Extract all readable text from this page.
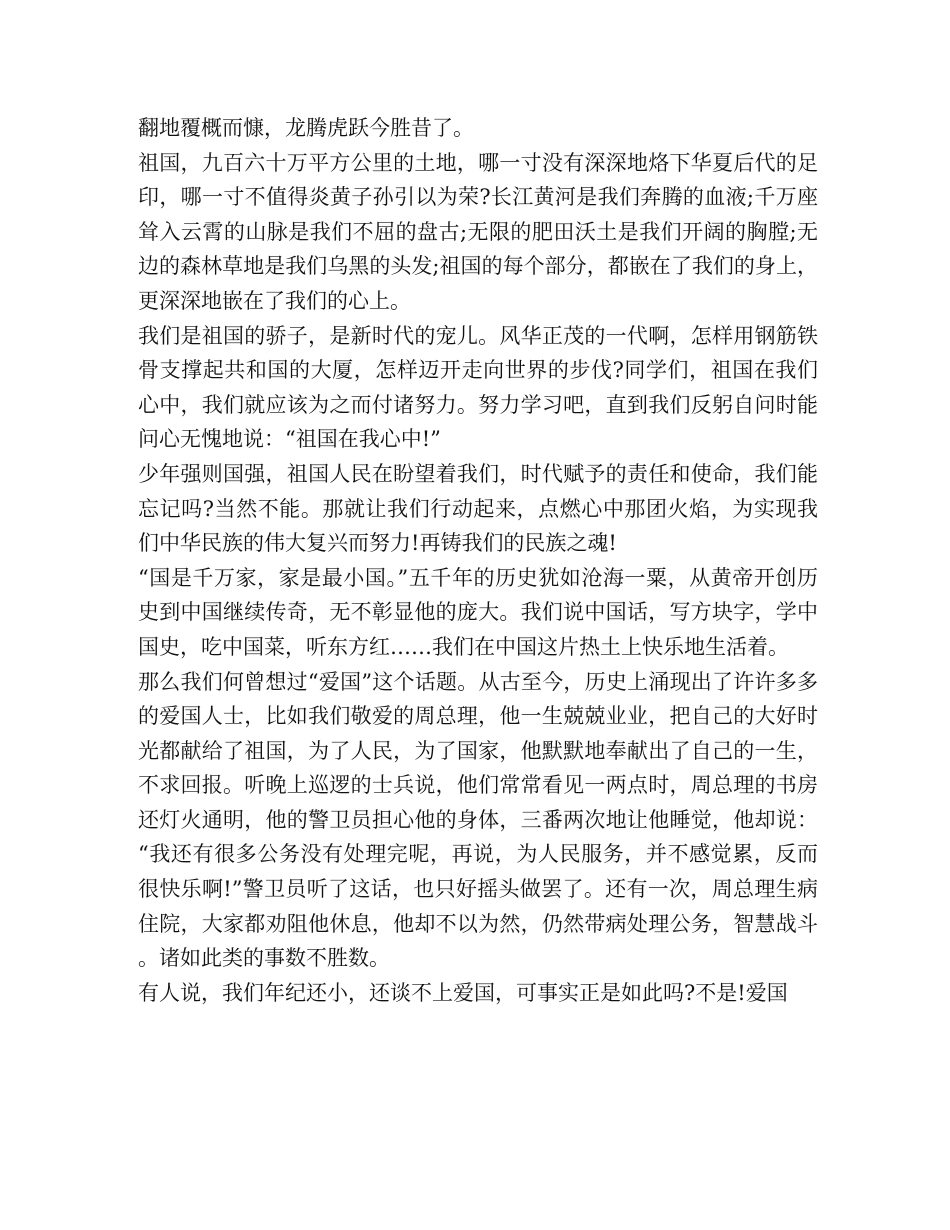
翻地覆概而慷，龙腾虎跃今胜昔了。

祖国，九百六十万平方公里的土地，哪一寸没有深深地烙下华夏后代的足印，哪一寸不值得炎黄子孙引以为荣?长江黄河是我们奔腾的血液;千万座耸入云霄的山脉是我们不屈的盘古;无限的肥田沃土是我们开阔的胸膛;无边的森林草地是我们乌黑的头发;祖国的每个部分，都嵌在了我们的身上，更深深地嵌在了我们的心上。

我们是祖国的骄子，是新时代的宠儿。风华正茂的一代啊，怎样用钢筋铁骨支撑起共和国的大厦，怎样迈开走向世界的步伐?同学们，祖国在我们心中，我们就应该为之而付诸努力。努力学习吧，直到我们反躬自问时能问心无愧地说：“祖国在我心中!”

少年强则国强，祖国人民在盼望着我们，时代赋予的责任和使命，我们能忘记吗?当然不能。那就让我们行动起来，点燃心中那团火焰，为实现我们中华民族的伟大复兴而努力!再铸我们的民族之魂!

“国是千万家，家是最小国。”五千年的历史犹如沧海一粟，从黄帝开创历史到中国继续传奇，无不彰显他的庞大。我们说中国话，写方块字，学中国史，吃中国菜，听东方红……我们在中国这片热土上快乐地生活着。

那么我们何曾想过“爱国”这个话题。从古至今，历史上涌现出了许许多多的爱国人士，比如我们敬爱的周总理，他一生兢兢业业，把自己的大好时光都献给了祖国，为了人民，为了国家，他默默地奉献出了自己的一生，不求回报。听晚上巡逻的士兵说，他们常常看见一两点时，周总理的书房还灯火通明，他的警卫员担心他的身体，三番两次地让他睡觉，他却说：“我还有很多公务没有处理完呢，再说，为人民服务，并不感觉累，反而很快乐啊!”警卫员听了这话，也只好摇头做罢了。还有一次，周总理生病住院，大家都劝阻他休息，他却不以为然，仍然带病处理公务，智慧战斗。诸如此类的事数不胜数。

有人说，我们年纪还小，还谈不上爱国，可事实正是如此吗?不是!爱国
